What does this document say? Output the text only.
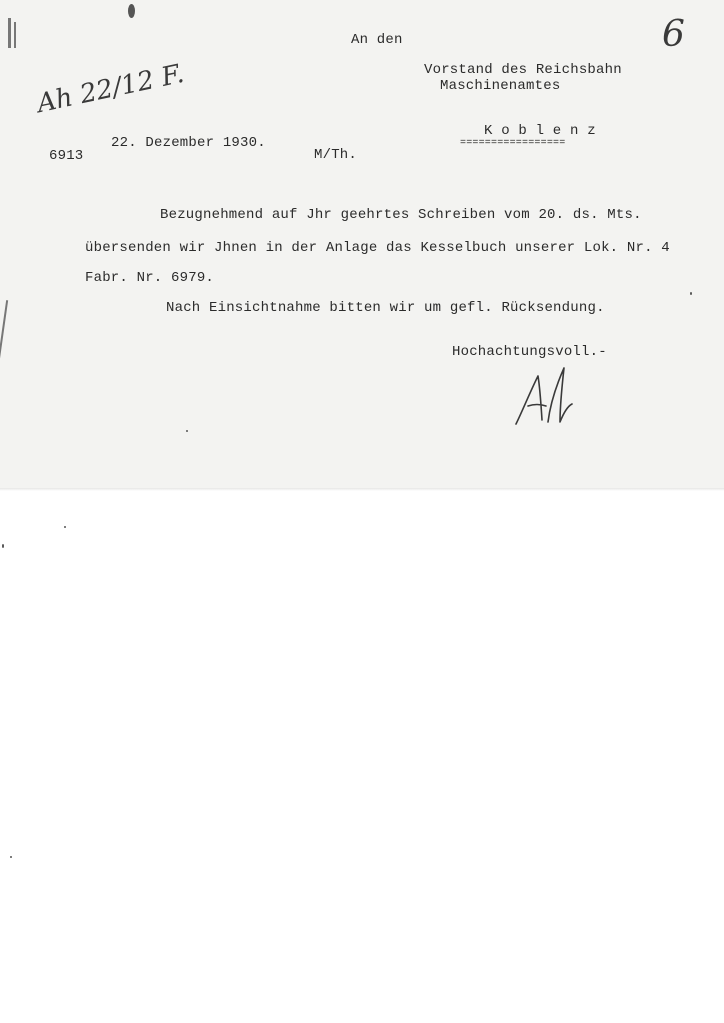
6
Ah 22/12 F.
An den
Vorstand des Reichsbahn
Maschinenamtes
K o b l e n z
=================
6913
22. Dezember 1930.
M/Th.
Bezugnehmend auf Jhr geehrtes Schreiben vom 20. ds. Mts.
übersenden wir Jhnen in der Anlage das Kesselbuch unserer Lok. Nr. 4
Fabr. Nr. 6979.
Nach Einsichtnahme bitten wir um gefl. Rücksendung.
Hochachtungsvoll.-
